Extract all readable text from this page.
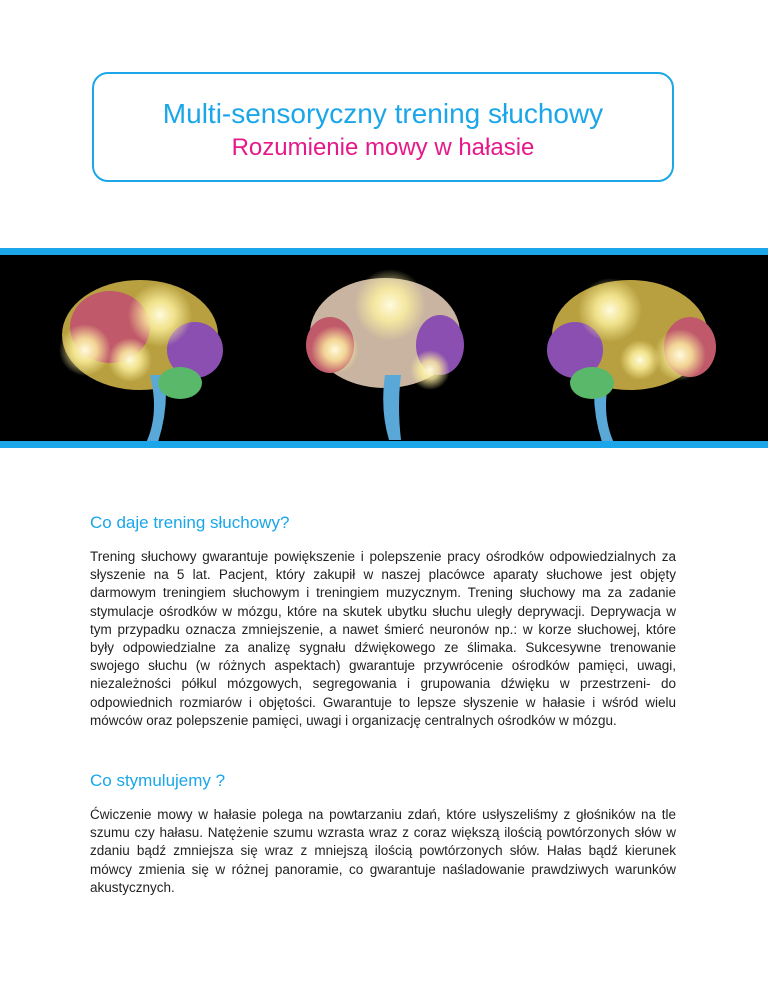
Multi-sensoryczny trening słuchowy
Rozumienie mowy w hałasie
Co daje trening słuchowy?
Trening słuchowy gwarantuje powiększenie i polepszenie pracy ośrodków odpowiedzialnych za słyszenie na 5 lat. Pacjent, który zakupił w naszej placówce aparaty słuchowe jest objęty darmowym treningiem słuchowym i treningiem muzycznym. Trening słuchowy ma za zadanie stymulacje ośrodków w mózgu, które na skutek ubytku słuchu uległy deprywacji. Deprywacja w tym przypadku oznacza zmniejszenie, a nawet śmierć neuronów np.: w korze słuchowej, które były odpowiedzialne za analizę sygnału dźwiękowego ze ślimaka. Sukcesywne trenowanie swojego słuchu (w różnych aspektach) gwarantuje przywrócenie ośrodków pamięci, uwagi, niezależności półkul mózgowych, segregowania i grupowania dźwięku w przestrzeni- do odpowiednich rozmiarów i objętości. Gwarantuje to lepsze słyszenie w hałasie i wśród wielu mówców oraz polepszenie pamięci, uwagi i organizację centralnych ośrodków w mózgu.
Co stymulujemy ?
Ćwiczenie mowy w hałasie polega na powtarzaniu zdań, które usłyszeliśmy z głośników na tle szumu czy hałasu. Natężenie szumu wzrasta wraz z coraz większą ilością powtórzonych słów w zdaniu bądź zmniejsza się wraz z mniejszą ilością powtórzonych słów. Hałas bądź kierunek mówcy zmienia się w różnej panoramie, co gwarantuje naśladowanie prawdziwych warunków akustycznych.
